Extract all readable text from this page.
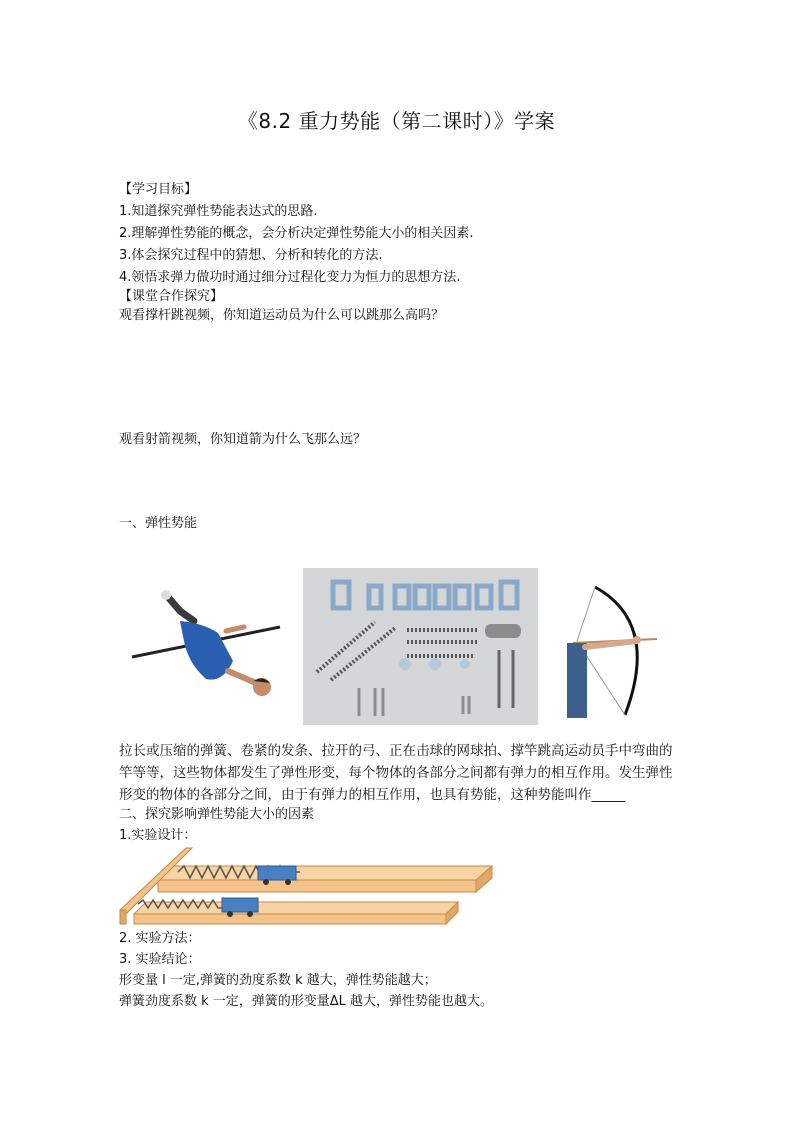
《8.2 重力势能（第二课时）》学案
【学习目标】
1.知道探究弹性势能表达式的思路.
2.理解弹性势能的概念，会分析决定弹性势能大小的相关因素.
3.体会探究过程中的猜想、分析和转化的方法.
4.领悟求弹力做功时通过细分过程化变力为恒力的思想方法.
【课堂合作探究】
观看撑杆跳视频，你知道运动员为什么可以跳那么高吗？
观看射箭视频，你知道箭为什么飞那么远？
一、弹性势能
拉长或压缩的弹簧、卷紧的发条、拉开的弓、正在击球的网球拍、撑竿跳高运动员手中弯曲的竿等等，这些物体都发生了弹性形变，每个物体的各部分之间都有弹力的相互作用。发生弹性形变的物体的各部分之间，由于有弹力的相互作用，也具有势能，这种势能叫作_____
二、探究影响弹性势能大小的因素
1.实验设计：
2. 实验方法：
3. 实验结论：
形变量 l 一定,弹簧的劲度系数 k 越大，弹性势能越大；
弹簧劲度系数 k 一定，弹簧的形变量ΔL 越大，弹性势能也越大。
